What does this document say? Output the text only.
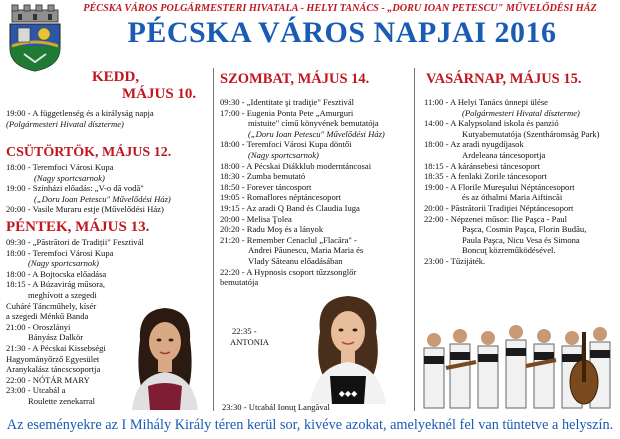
PÉCSKA VÁROS POLGÁRMESTERI HIVATALA - HELYI TANÁCS - „DORU IOAN PETESCU" MŰVELŐDÉSI HÁZ
PÉCSKA VÁROS NAPJAI 2016
KEDD,
MÁJUS 10.
19:00 - A függetlenség és a királyság napja
(Polgármesteri Hivatal díszterme)
CSÜTÖRTÖK, MÁJUS 12.
18:00 - Teremfoci Városi Kupa
(Nagy sportcsarnok)
19:00 - Színházi előadás: „V-o dă vodă"
(„Doru Ioan Petescu" Művelődési Ház)
20:00 - Vasile Muraru estje (Művelődési Ház)
PÉNTEK, MÁJUS 13.
09:30 - „Păstrători de Tradiții" Fesztivál
18:00 - Teremfoci Városi Kupa
(Nagy sportcsarnok)
18:00 - A Bojtocska előadása
18:15 - A Búzavirág műsora,
meghívott a szegedi
Cuháré Táncműhely, kísér
a szegedi Ménkű Banda
21:00 - Oroszlányi
Bányász Dalkör
21:30 - A Pécskai Kissebségi
Hagyományőrző Egyesület
Aranykalász táncscsoportja
22:00 - NÓTÁR MARY
23:00 - Utcabál a
Roulette zenekarral
SZOMBAT, MÁJUS 14.
09:30 - „Identitate şi tradiţie" Fesztivál
17:00 - Eugenia Ponta Pete „Amurguri
mistuite" című könyvének bemutatója
(„Doru Ioan Petescu" Művelődési Ház)
18:00 - Teremfoci Városi Kupa döntői
(Nagy sportcsarnok)
18:00 - A Pécskai Diákklub moderntáncosai
18:30 - Zumba bemutató
18:50 - Forever táncosport
19:05 - Romaflores néptáncesoport
19:15 - Az aradi Q Band és Claudia Iuga
20:00 - Melisa Ţolea
20:20 - Radu Moş és a lányok
21:20 - Remember Cenaclul „Flacăra" -
Andrei Păunescu, Maria Maria és
Vlady Săteanu előadásában
22:20 - A Hypnosis csoport tűzzsonglőr
bemutatója
◆◆◆
22:35 -
ANTONIA
23:30 - Utcabál Ionuţ Langăval
VASÁRNAP, MÁJUS 15.
11:00 - A Helyi Tanács ünnepi ülése
(Polgármesteri Hivatal díszterme)
14:00 - A Kalypsoland iskola és panzió
Kutyabemutatója (Szentháromság Park)
18:00 - Az aradi nyugdíjasok
Ardeleana táncesoportja
18:15 - A káránsebesi táncesoport
18:35 - A fenlaki Zorile táncesoport
19:00 - A Florile Mureşului Néptáncesoport
és az óthalmi Maria Aiftincăi
20:00 - Păstrătorii Tradiţiei Néptáncesoport
22:00 - Népzenei műsor: Ilie Paşca - Paul
Paşca, Cosmin Paşca, Florin Budău,
Paula Paşca, Nicu Vesa és Simona
Boncuţ közreműködésével.
23:00 - Tűzijáték.
Az eseményekre az I Mihály Király téren kerül sor, kivéve azokat, amelyeknél fel van tüntetve a helyszín.
